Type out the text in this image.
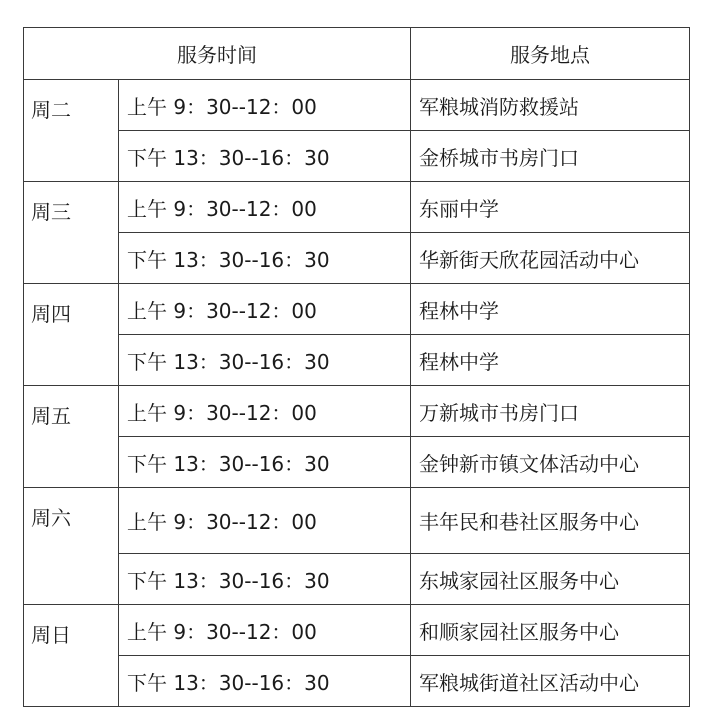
服务时间		服务地点
周二	上午 9：30--12：00	军粮城消防救援站
	下午 13：30--16：30	金桥城市书房门口
周三	上午 9：30--12：00	东丽中学
	下午 13：30--16：30	华新街天欣花园活动中心
周四	上午 9：30--12：00	程林中学
	下午 13：30--16：30	程林中学
周五	上午 9：30--12：00	万新城市书房门口
	下午 13：30--16：30	金钟新市镇文体活动中心
周六	上午 9：30--12：00	丰年民和巷社区服务中心
	下午 13：30--16：30	东城家园社区服务中心
周日	上午 9：30--12：00	和顺家园社区服务中心
	下午 13：30--16：30	军粮城街道社区活动中心
